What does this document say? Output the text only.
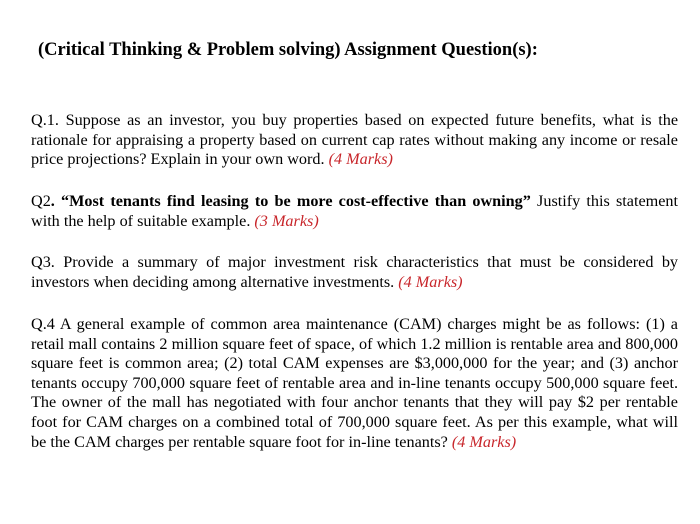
(Critical Thinking & Problem solving) Assignment Question(s):
Q.1. Suppose as an investor, you buy properties based on expected future benefits, what is the rationale for appraising a property based on current cap rates without making any income or resale price projections? Explain in your own word. (4 Marks)
Q2. “Most tenants find leasing to be more cost-effective than owning” Justify this statement with the help of suitable example. (3 Marks)
Q3. Provide a summary of major investment risk characteristics that must be considered by investors when deciding among alternative investments. (4 Marks)
Q.4 A general example of common area maintenance (CAM) charges might be as follows: (1) a retail mall contains 2 million square feet of space, of which 1.2 million is rentable area and 800,000 square feet is common area; (2) total CAM expenses are $3,000,000 for the year; and (3) anchor tenants occupy 700,000 square feet of rentable area and in-line tenants occupy 500,000 square feet. The owner of the mall has negotiated with four anchor tenants that they will pay $2 per rentable foot for CAM charges on a combined total of 700,000 square feet. As per this example, what will be the CAM charges per rentable square foot for in-line tenants? (4 Marks)
